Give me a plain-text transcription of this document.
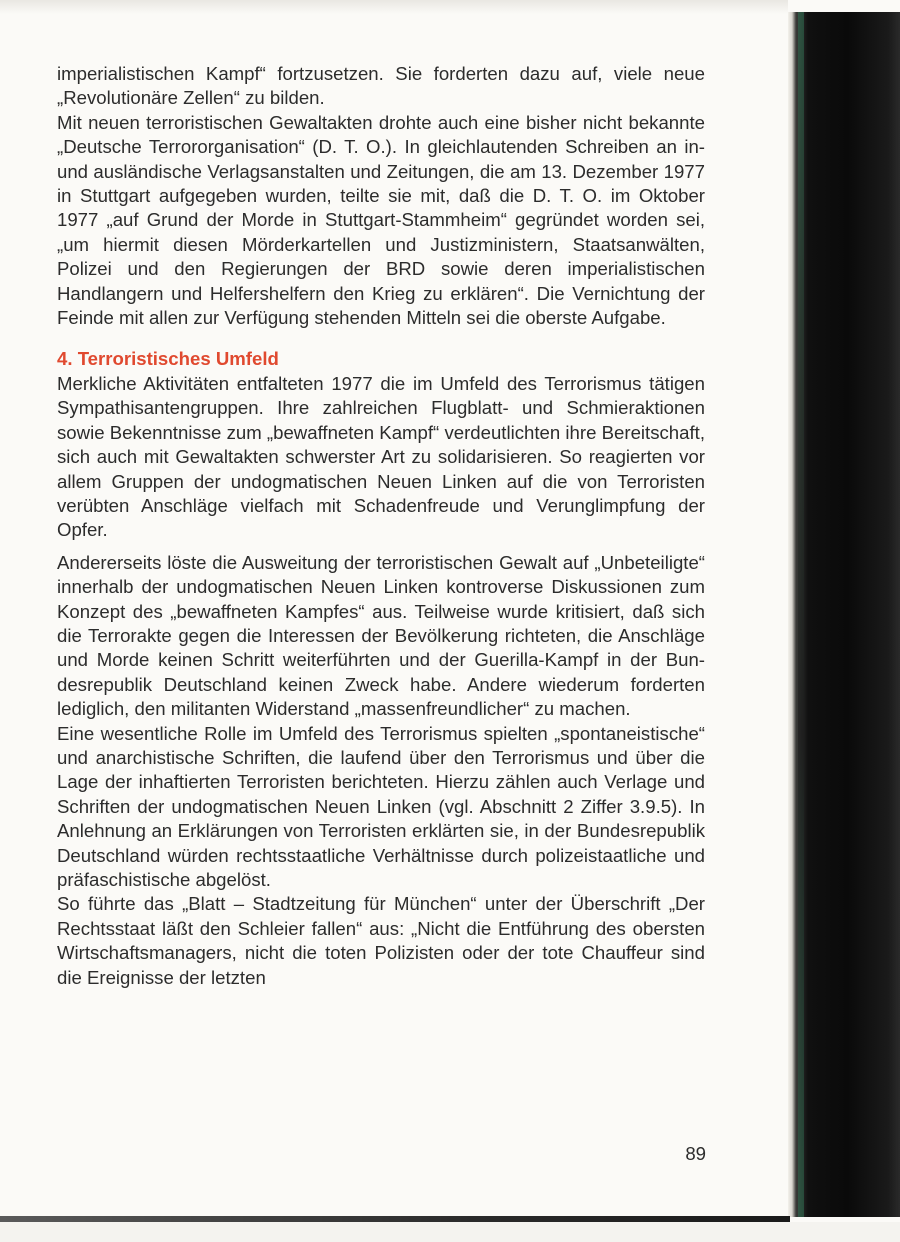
imperialistischen Kampf“ fortzusetzen. Sie forderten dazu auf, viele neue „Revolutionäre Zellen“ zu bilden.

Mit neuen terroristischen Gewaltakten drohte auch eine bisher nicht bekannte „Deutsche Terrororganisation“ (D. T. O.). In gleichlautenden Schreiben an in- und ausländische Verlagsanstalten und Zeitungen, die am 13. Dezember 1977 in Stuttgart aufgegeben wurden, teilte sie mit, daß die D. T. O. im Oktober 1977 „auf Grund der Morde in Stuttgart-Stammheim“ gegründet worden sei, „um hiermit diesen Mörderkartellen und Justizministern, Staatsanwälten, Polizei und den Regierungen der BRD sowie deren imperialistischen Handlangern und Helfershelfern den Krieg zu erklären“. Die Vernichtung der Feinde mit allen zur Verfügung stehenden Mitteln sei die oberste Aufgabe.

4. Terroristisches Umfeld

Merkliche Aktivitäten entfalteten 1977 die im Umfeld des Terrorismus tätigen Sympathisantengruppen. Ihre zahlreichen Flugblatt- und Schmieraktionen sowie Bekenntnisse zum „bewaffneten Kampf“ verdeutlichten ihre Bereitschaft, sich auch mit Gewaltakten schwerster Art zu solidarisieren. So reagierten vor allem Gruppen der undogmatischen Neuen Linken auf die von Terroristen verübten Anschläge vielfach mit Schadenfreude und Verunglimpfung der Opfer.

Andererseits löste die Ausweitung der terroristischen Gewalt auf „Unbeteiligte“ innerhalb der undogmatischen Neuen Linken kontroverse Diskussionen zum Konzept des „bewaffneten Kampfes“ aus. Teilweise wurde kritisiert, daß sich die Terrorakte gegen die Interessen der Bevölkerung richteten, die Anschläge und Morde keinen Schritt weiterführten und der Guerilla-Kampf in der Bundesrepublik Deutschland keinen Zweck habe. Andere wiederum forderten lediglich, den militanten Widerstand „massenfreundlicher“ zu machen.

Eine wesentliche Rolle im Umfeld des Terrorismus spielten „spontaneistische“ und anarchistische Schriften, die laufend über den Terrorismus und über die Lage der inhaftierten Terroristen berichteten. Hierzu zählen auch Verlage und Schriften der undogmatischen Neuen Linken (vgl. Abschnitt 2 Ziffer 3.9.5). In Anlehnung an Erklärungen von Terroristen erklärten sie, in der Bundesrepublik Deutschland würden rechtsstaatliche Verhältnisse durch polizeistaatliche und präfaschistische abgelöst.

So führte das „Blatt – Stadtzeitung für München“ unter der Überschrift „Der Rechtsstaat läßt den Schleier fallen“ aus: „Nicht die Entführung des obersten Wirtschaftsmanagers, nicht die toten Polizisten oder der tote Chauffeur sind die Ereignisse der letzten

89
